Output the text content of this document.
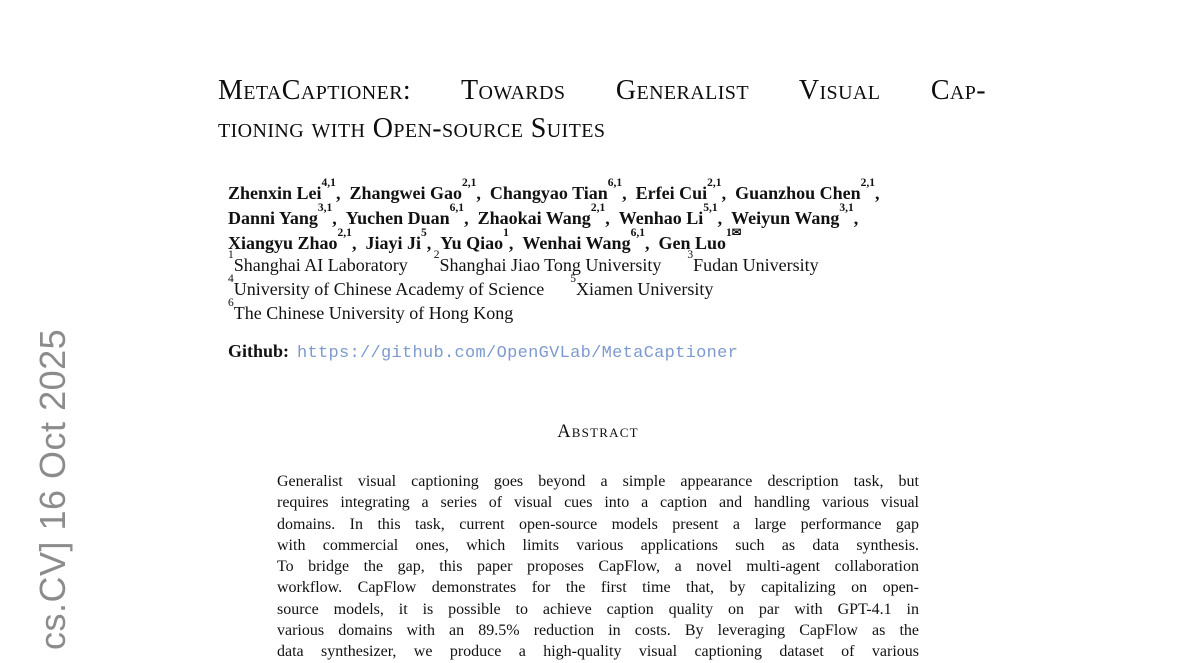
cs.CV] 16 Oct 2025
MetaCaptioner: Towards Generalist Visual Cap-
tioning with Open-source Suites
Zhenxin Lei$^{4,1}$, Zhangwei Gao$^{2,1}$, Changyao Tian$^{6,1}$, Erfei Cui$^{2,1}$, Guanzhou Chen$^{2,1}$,
Danni Yang$^{3,1}$, Yuchen Duan$^{6,1}$, Zhaokai Wang$^{2,1}$, Wenhao Li$^{5,1}$, Weiyun Wang$^{3,1}$,
Xiangyu Zhao$^{2,1}$, Jiayi Ji$^5$, Yu Qiao$^1$, Wenhai Wang$^{6,1}$, Gen Luo$^{1✉}$
$^1$Shanghai AI Laboratory $^2$Shanghai Jiao Tong University $^3$Fudan University
$^4$University of Chinese Academy of Science $^5$Xiamen University
$^6$The Chinese University of Hong Kong
Github: https://github.com/OpenGVLab/MetaCaptioner
Abstract
Generalist visual captioning goes beyond a simple appearance description task, but
requires integrating a series of visual cues into a caption and handling various visual
domains. In this task, current open-source models present a large performance gap
with commercial ones, which limits various applications such as data synthesis.
To bridge the gap, this paper proposes CapFlow, a novel multi-agent collaboration
workflow. CapFlow demonstrates for the first time that, by capitalizing on open-
source models, it is possible to achieve caption quality on par with GPT-4.1 in
various domains with an 89.5% reduction in costs. By leveraging CapFlow as the
data synthesizer, we produce a high-quality visual captioning dataset of various
